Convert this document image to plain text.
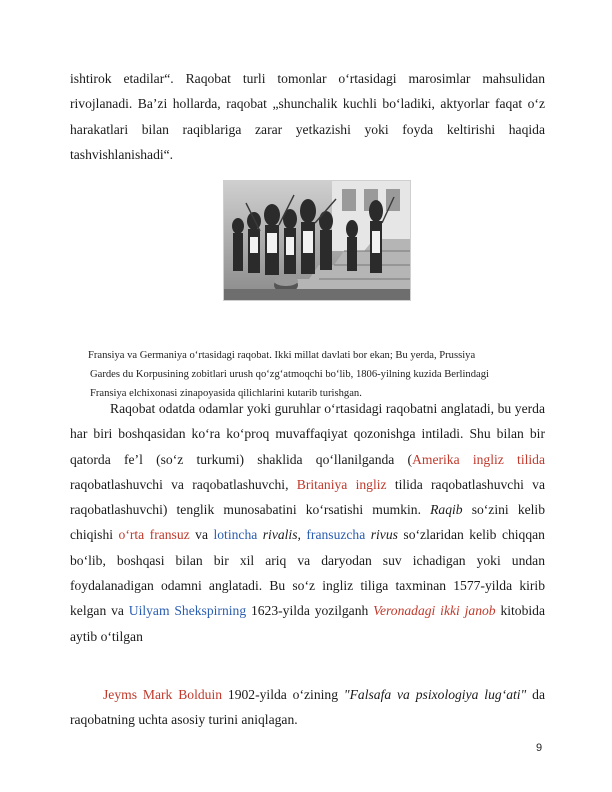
ishtirok etadilar“. Raqobat turli tomonlar oʻrtasidagi marosimlar mahsulidan rivojlanadi. Baʼzi hollarda, raqobat „shunchalik kuchli boʻladiki, aktyorlar faqat oʻz harakatlari bilan raqiblariga zarar yetkazishi yoki foyda keltirishi haqida tashvishlanishadi“.

Fransiya va Germaniya oʻrtasidagi raqobat. Ikki millat davlati bor ekan; Bu yerda, Prussiya
Gardes du Korpusining zobitlari urush qoʻzgʻatmoqchi boʻlib, 1806-yilning kuzida Berlindagi
Fransiya elchixonasi zinapoyasida qilichlarini kutarib turishgan.

Raqobat odatda odamlar yoki guruhlar oʻrtasidagi raqobatni anglatadi, bu yerda har biri boshqasidan koʻra koʻproq muvaffaqiyat qozonishga intiladi. Shu bilan bir qatorda feʼl (soʻz turkumi) shaklida qoʻllanilganda (Amerika ingliz tilida raqobatlashuvchi va raqobatlashuvchi, Britaniya ingliz tilida raqobatlashuvchi va raqobatlashuvchi) tenglik munosabatini koʻrsatishi mumkin. Raqib soʻzini kelib chiqishi oʻrta fransuz va lotincha rivalis, fransuzcha rivus soʻzlaridan kelib chiqqan boʻlib, boshqasi bilan bir xil ariq va daryodan suv ichadigan yoki undan foydalanadigan odamni anglatadi. Bu soʻz ingliz tiliga taxminan 1577-yilda kirib kelgan va Uilyam Shekspirning 1623-yilda yozilganh Veronadagi ikki janob kitobida aytib oʻtilgan

Jeyms Mark Bolduin 1902-yilda oʻzining "Falsafa va psixologiya lugʻati" da raqobatning uchta asosiy turini aniqlagan.

9
